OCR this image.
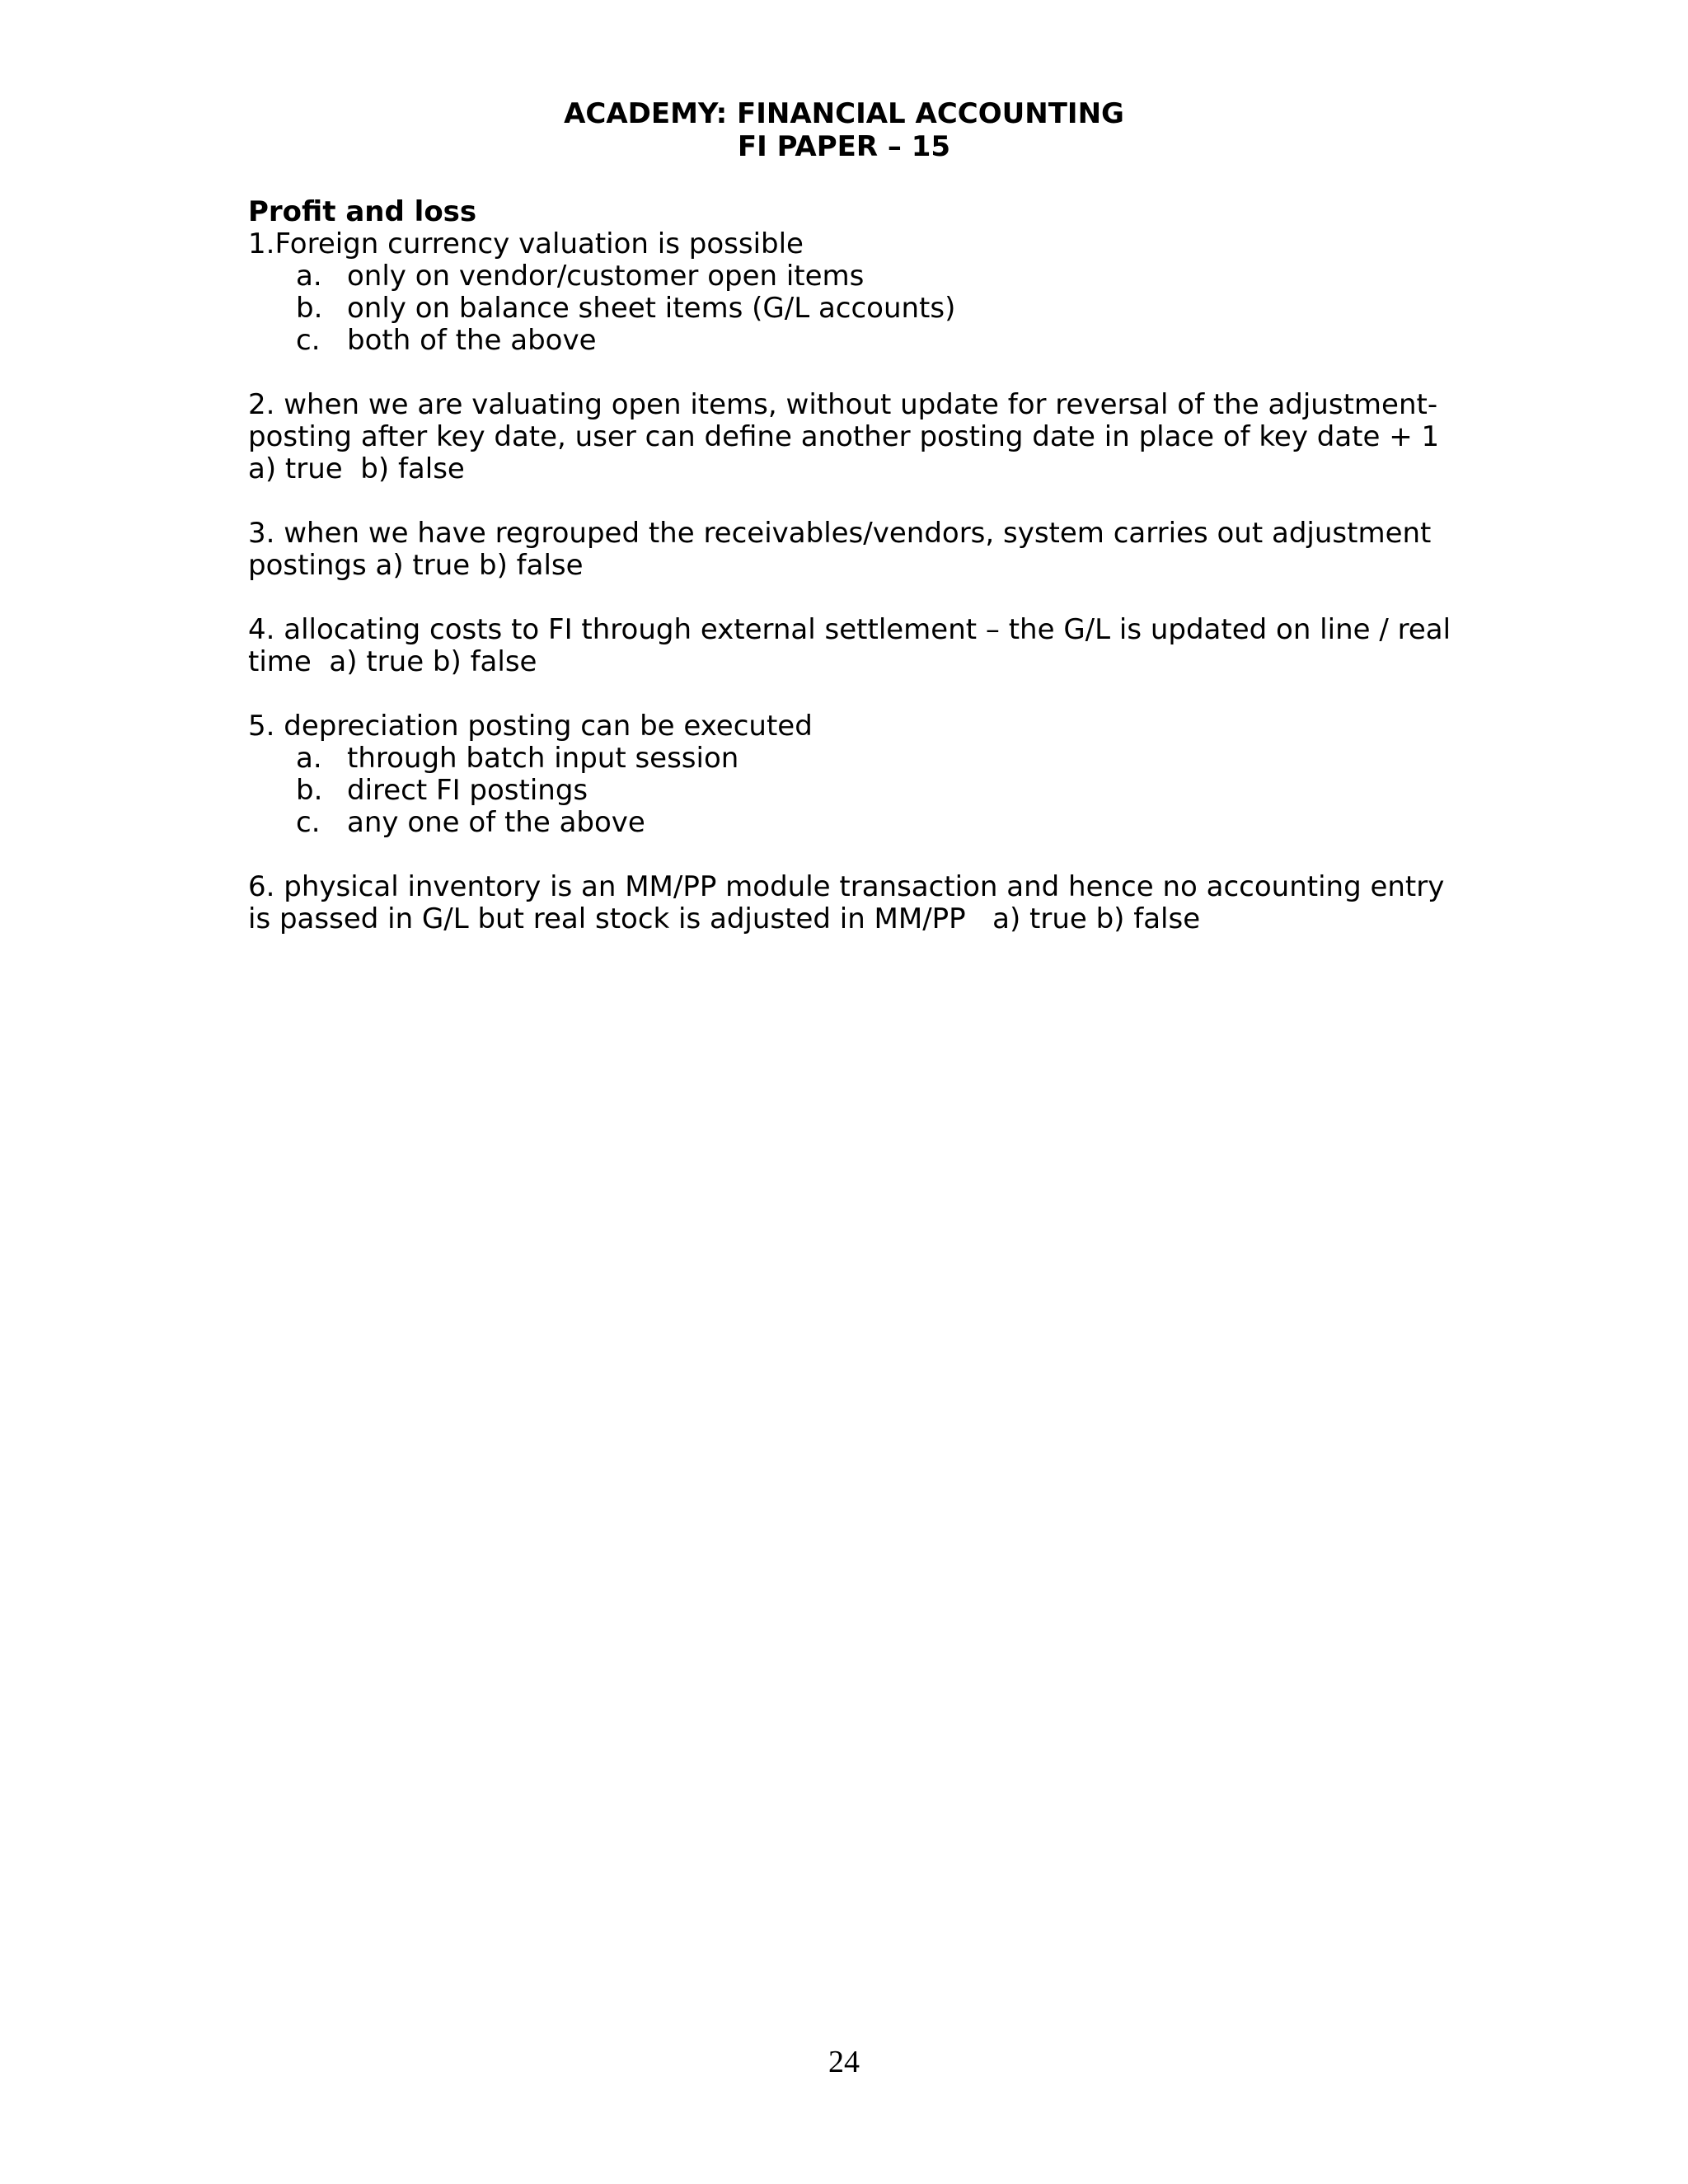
ACADEMY: FINANCIAL ACCOUNTING
FI PAPER – 15

Profit and loss

1.Foreign currency valuation is possible

a. only on vendor/customer open items

b. only on balance sheet items (G/L accounts)

c. both of the above

2. when we are valuating open items, without update for reversal of the adjustment-

posting after key date, user can define another posting date in place of key date + 1

a) true  b) false

3. when we have regrouped the receivables/vendors, system carries out adjustment

postings a) true b) false

4. allocating costs to FI through external settlement – the G/L is updated on line / real

time  a) true b) false

5. depreciation posting can be executed

a. through batch input session

b. direct FI postings

c. any one of the above

6. physical inventory is an MM/PP module transaction and hence no accounting entry

is passed in G/L but real stock is adjusted in MM/PP   a) true b) false

24
